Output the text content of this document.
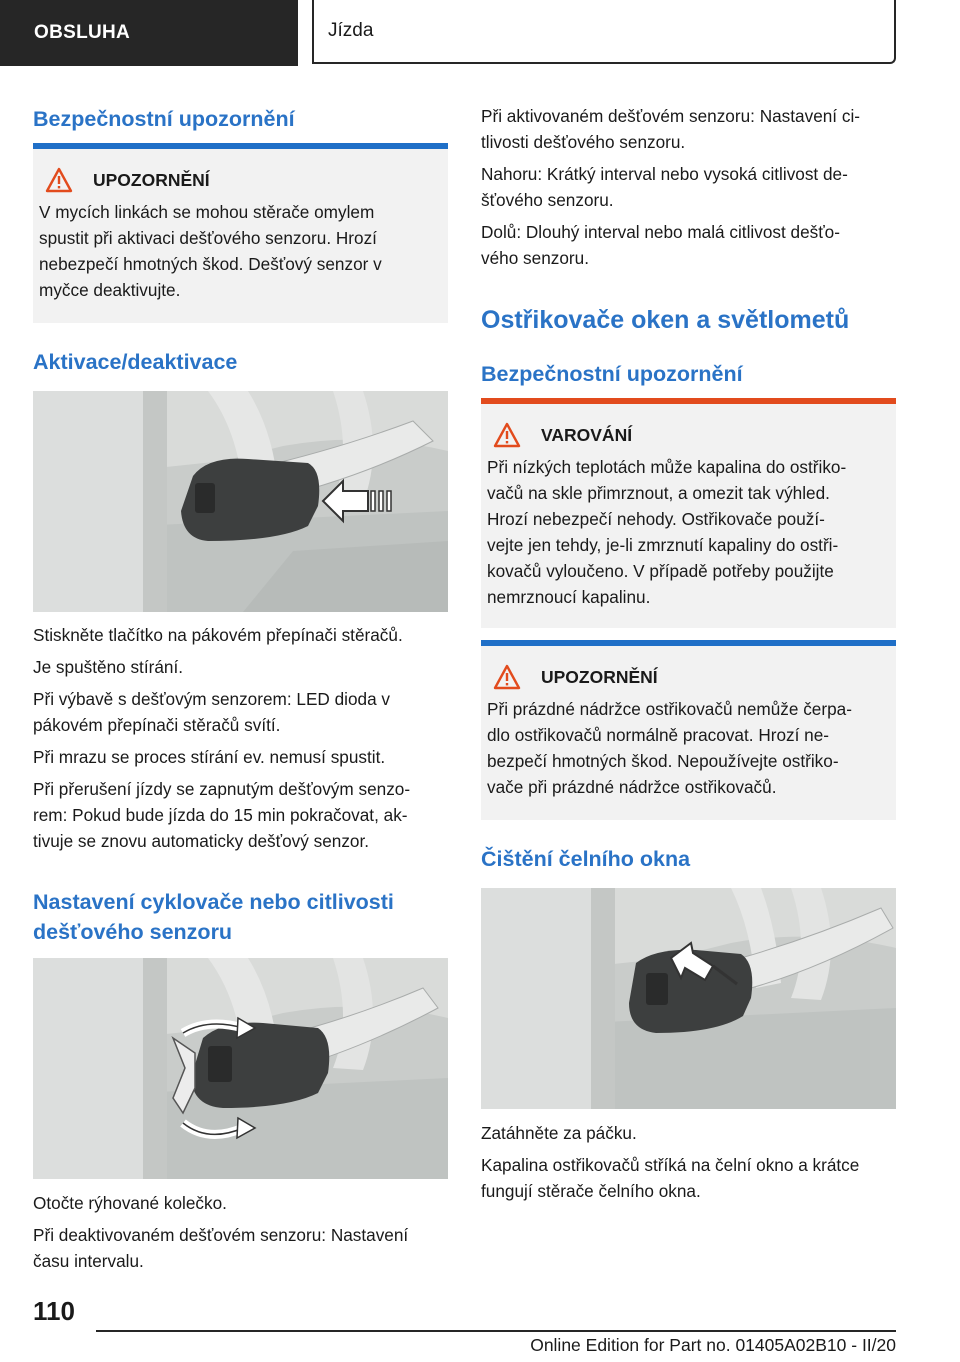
OBSLUHA	Jízda
Bezpečnostní upozornění
UPOZORNĚNÍ
V mycích linkách se mohou stěrače omylem
spustit při aktivaci dešťového senzoru. Hrozí
nebezpečí hmotných škod. Dešťový senzor v
myčce deaktivujte.
Aktivace/deaktivace
Stiskněte tlačítko na pákovém přepínači stěračů.
Je spuštěno stírání.
Při výbavě s dešťovým senzorem: LED dioda v
pákovém přepínači stěračů svítí.
Při mrazu se proces stírání ev. nemusí spustit.
Při přerušení jízdy se zapnutým dešťovým senzo-
rem: Pokud bude jízda do 15 min pokračovat, ak-
tivuje se znovu automaticky dešťový senzor.
Nastavení cyklovače nebo citlivosti
dešťového senzoru
Otočte rýhované kolečko.
Při deaktivovaném dešťovém senzoru: Nastavení
času intervalu.
Při aktivovaném dešťovém senzoru: Nastavení ci-
tlivosti dešťového senzoru.
Nahoru: Krátký interval nebo vysoká citlivost de-
šťového senzoru.
Dolů: Dlouhý interval nebo malá citlivost dešťo-
vého senzoru.
Ostřikovače oken a světlometů
Bezpečnostní upozornění
VAROVÁNÍ
Při nízkých teplotách může kapalina do ostřiko-
vačů na skle přimrznout, a omezit tak výhled.
Hrozí nebezpečí nehody. Ostřikovače použí-
vejte jen tehdy, je-li zmrznutí kapaliny do ostři-
kovačů vyloučeno. V případě potřeby použijte
nemrznoucí kapalinu.
UPOZORNĚNÍ
Při prázdné nádržce ostřikovačů nemůže čerpa-
dlo ostřikovačů normálně pracovat. Hrozí ne-
bezpečí hmotných škod. Nepoužívejte ostřiko-
vače při prázdné nádržce ostřikovačů.
Čištění čelního okna
Zatáhněte za páčku.
Kapalina ostřikovačů stříká na čelní okno a krátce
fungují stěrače čelního okna.
110
Online Edition for Part no. 01405A02B10 - II/20
